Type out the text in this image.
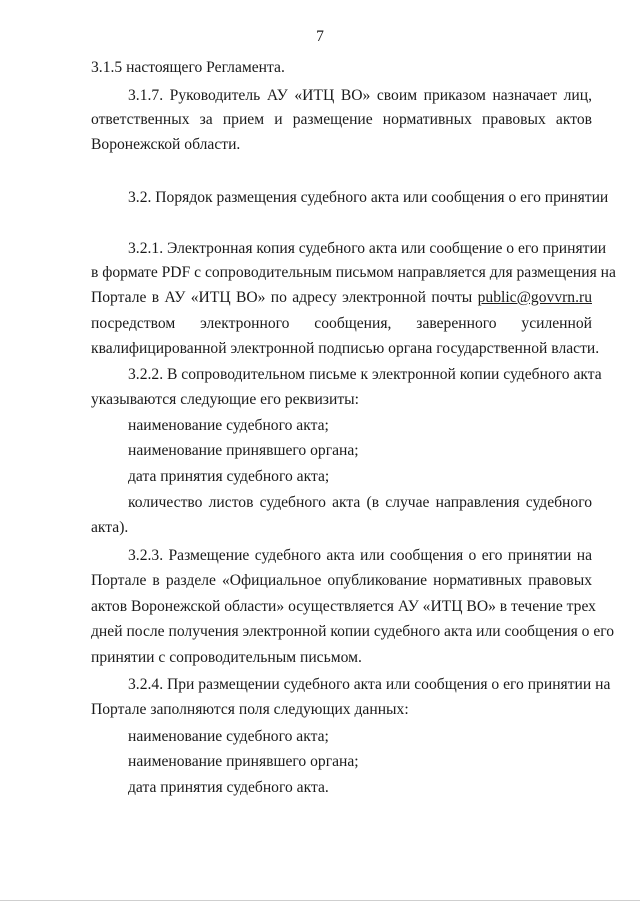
7

3.1.5 настоящего Регламента.

3.1.7. Руководитель АУ «ИТЦ ВО» своим приказом назначает лиц,

ответственных за прием и размещение нормативных правовых актов

Воронежской области.

3.2. Порядок размещения судебного акта или сообщения о его принятии

3.2.1. Электронная копия судебного акта или сообщение о его принятии

в формате PDF с сопроводительным письмом направляется для размещения на

Порталe в АУ «ИТЦ ВО» по адресу электронной почты public@govvrn.ru

посредством электронного сообщения, заверенного усиленной

квалифицированной электронной подписью органа государственной власти.

3.2.2. В сопроводительном письме к электронной копии судебного акта

указываются следующие его реквизиты:

наименование судебного акта;

наименование принявшего органа;

дата принятия судебного акта;

количество листов судебного акта (в случае направления судебного

акта).

3.2.3. Размещение судебного акта или сообщения о его принятии на

Портале в разделе «Официальное опубликование нормативных правовых

актов Воронежской области» осуществляется АУ «ИТЦ ВО» в течение трех

дней после получения электронной копии судебного акта или сообщения о его

принятии с сопроводительным письмом.

3.2.4. При размещении судебного акта или сообщения о его принятии на

Портале заполняются поля следующих данных:

наименование судебного акта;

наименование принявшего органа;

дата принятия судебного акта.
